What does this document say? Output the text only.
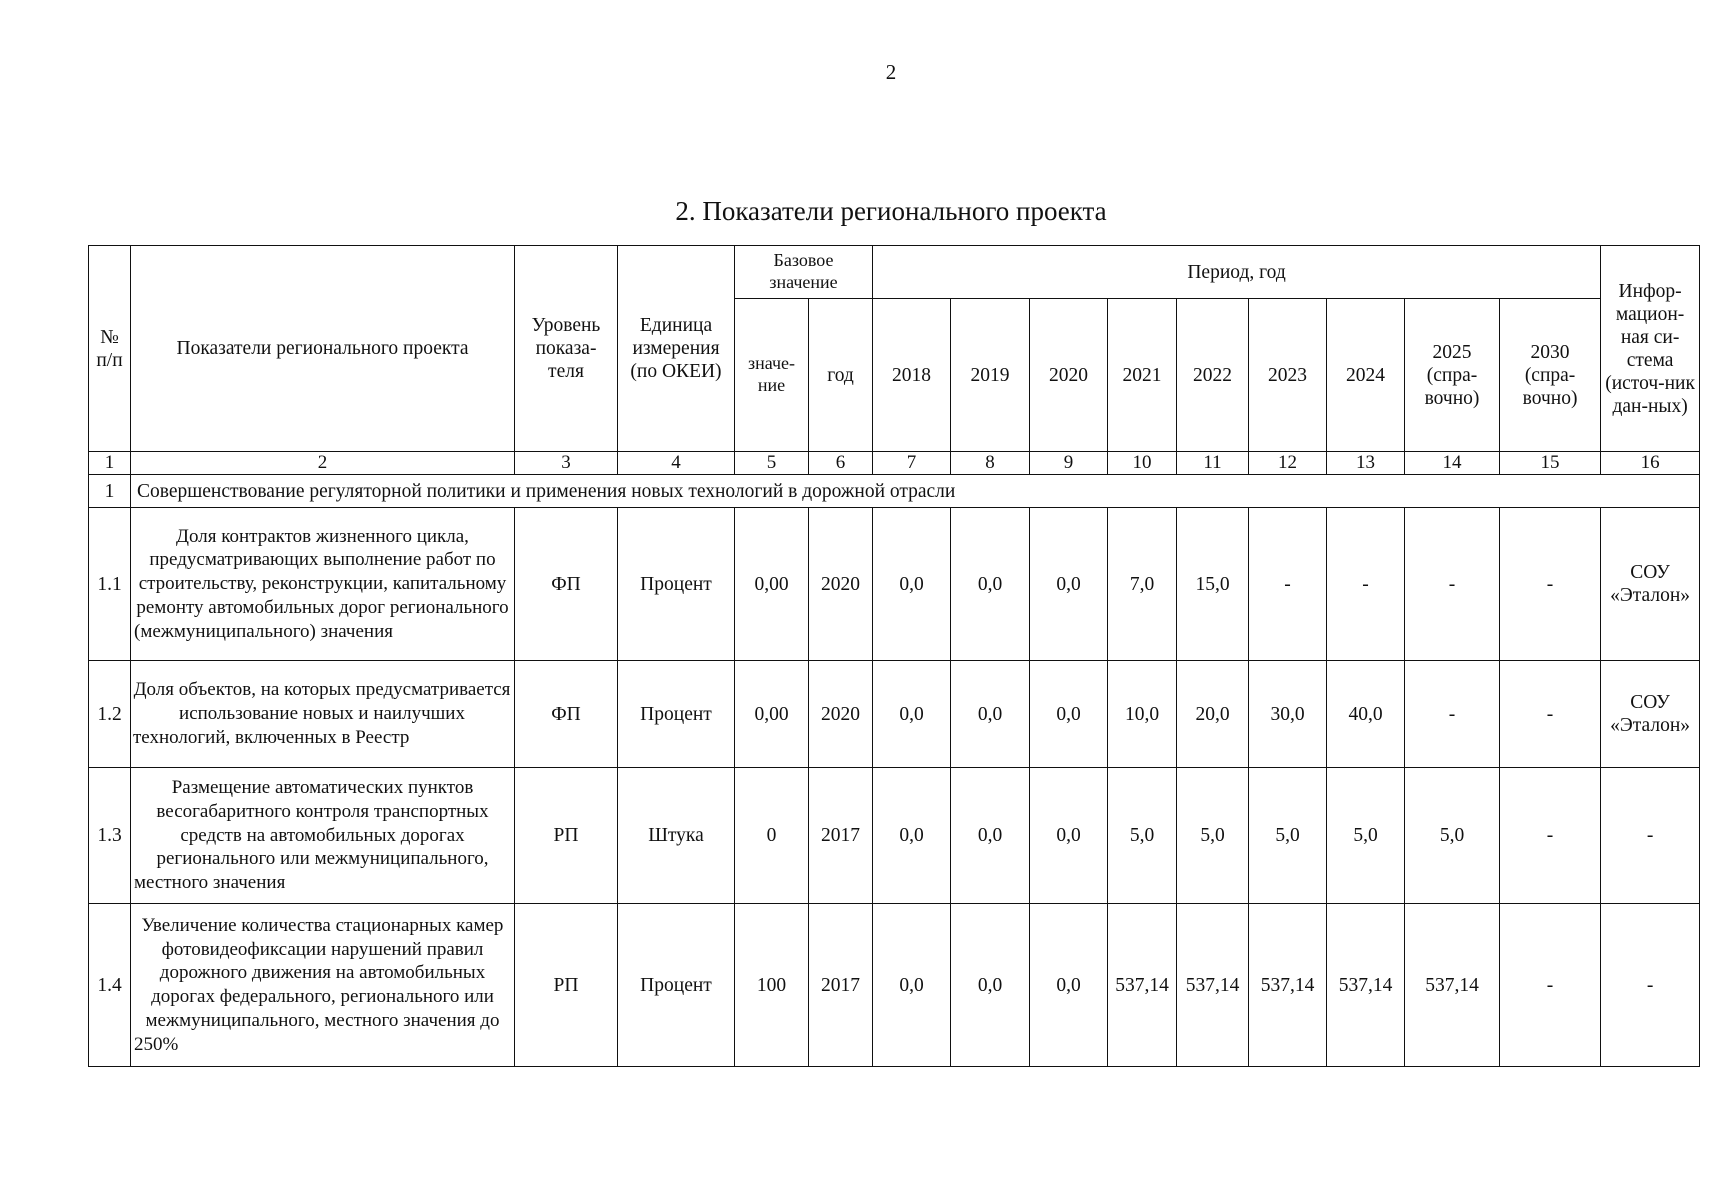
2
2. Показатели регионального проекта
№ п/п	Показатели регионального проекта	Уровень показа-теля	Единица измерения (по ОКЕИ)	Базовое значение		Период, год									Инфор-мацион-ная си-стема (источ-ник дан-ных)
				значе-ние	год	2018	2019	2020	2021	2022	2023	2024	2025 (спра-вочно)	2030 (спра-вочно)	
1	2	3	4	5	6	7	8	9	10	11	12	13	14	15	16
1	Совершенствование регуляторной политики и применения новых технологий в дорожной отрасли														
1.1	Доля контрактов жизненного цикла, предусматривающих выполнение работ по строительству, реконструкции, капитальному ремонту автомобильных дорог регионального (межмуниципального) значения	ФП	Процент	0,00	2020	0,0	0,0	0,0	7,0	15,0	-	-	-	-	СОУ «Эталон»
1.2	Доля объектов, на которых предусматривается использование новых и наилучших технологий, включенных в Реестр	ФП	Процент	0,00	2020	0,0	0,0	0,0	10,0	20,0	30,0	40,0	-	-	СОУ «Эталон»
1.3	Размещение автоматических пунктов весогабаритного контроля транспортных средств на автомобильных дорогах регионального или межмуниципального, местного значения	РП	Штука	0	2017	0,0	0,0	0,0	5,0	5,0	5,0	5,0	5,0	-	-
1.4	Увеличение количества стационарных камер фотовидеофиксации нарушений правил дорожного движения на автомобильных дорогах федерального, регионального или межмуниципального, местного значения до 250%	РП	Процент	100	2017	0,0	0,0	0,0	537,14	537,14	537,14	537,14	537,14	-	-
